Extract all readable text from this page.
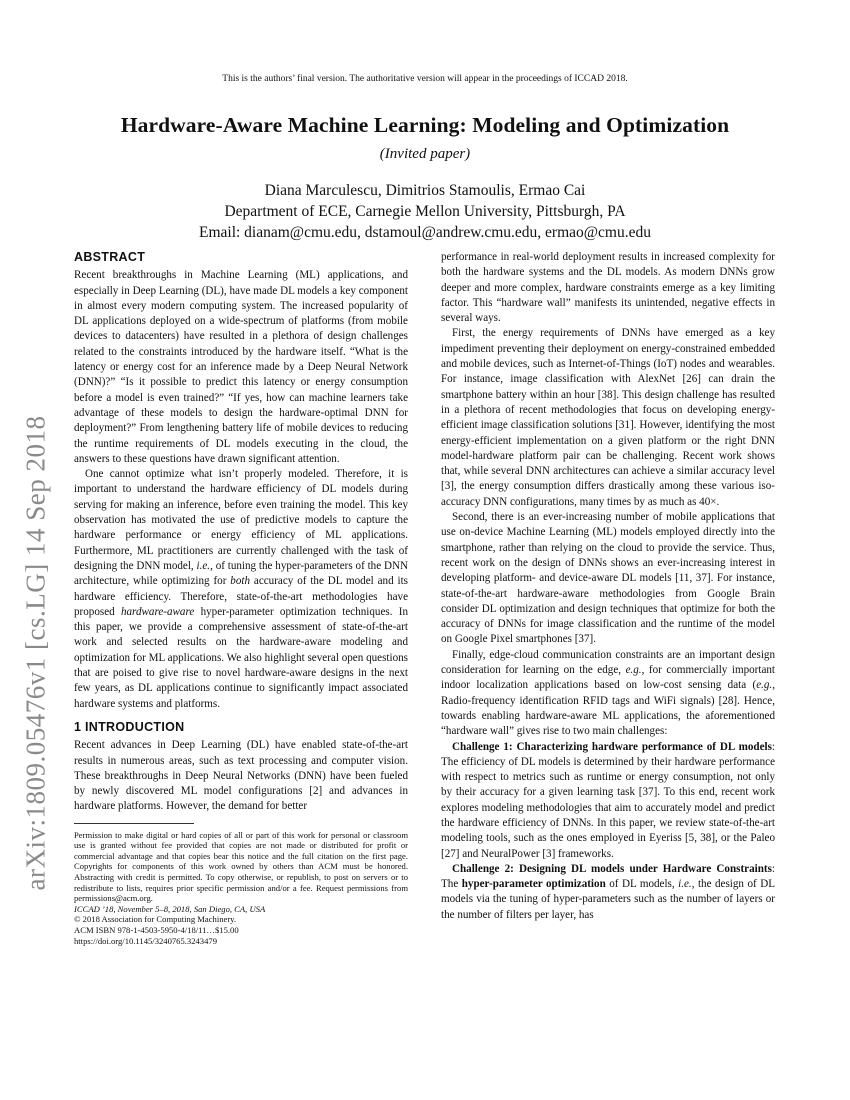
This is the authors’ final version. The authoritative version will appear in the proceedings of ICCAD 2018.
Hardware-Aware Machine Learning: Modeling and Optimization
(Invited paper)
Diana Marculescu, Dimitrios Stamoulis, Ermao Cai
Department of ECE, Carnegie Mellon University, Pittsburgh, PA
Email: dianam@cmu.edu, dstamoul@andrew.cmu.edu, ermao@cmu.edu
arXiv:1809.05476v1 [cs.LG] 14 Sep 2018
ABSTRACT

Recent breakthroughs in Machine Learning (ML) applications, and especially in Deep Learning (DL), have made DL models a key component in almost every modern computing system. The increased popularity of DL applications deployed on a wide-spectrum of platforms (from mobile devices to datacenters) have resulted in a plethora of design challenges related to the constraints introduced by the hardware itself. “What is the latency or energy cost for an inference made by a Deep Neural Network (DNN)?” “Is it possible to predict this latency or energy consumption before a model is even trained?” “If yes, how can machine learners take advantage of these models to design the hardware-optimal DNN for deployment?” From lengthening battery life of mobile devices to reducing the runtime requirements of DL models executing in the cloud, the answers to these questions have drawn significant attention.

One cannot optimize what isn’t properly modeled. Therefore, it is important to understand the hardware efficiency of DL models during serving for making an inference, before even training the model. This key observation has motivated the use of predictive models to capture the hardware performance or energy efficiency of ML applications. Furthermore, ML practitioners are currently challenged with the task of designing the DNN model, i.e., of tuning the hyper-parameters of the DNN architecture, while optimizing for both accuracy of the DL model and its hardware efficiency. Therefore, state-of-the-art methodologies have proposed hardware-aware hyper-parameter optimization techniques. In this paper, we provide a comprehensive assessment of state-of-the-art work and selected results on the hardware-aware modeling and optimization for ML applications. We also highlight several open questions that are poised to give rise to novel hardware-aware designs in the next few years, as DL applications continue to significantly impact associated hardware systems and platforms.

1 INTRODUCTION

Recent advances in Deep Learning (DL) have enabled state-of-the-art results in numerous areas, such as text processing and computer vision. These breakthroughs in Deep Neural Networks (DNN) have been fueled by newly discovered ML model configurations [2] and advances in hardware platforms. However, the demand for better

Permission to make digital or hard copies of all or part of this work for personal or classroom use is granted without fee provided that copies are not made or distributed for profit or commercial advantage and that copies bear this notice and the full citation on the first page. Copyrights for components of this work owned by others than ACM must be honored. Abstracting with credit is permitted. To copy otherwise, or republish, to post on servers or to redistribute to lists, requires prior specific permission and/or a fee. Request permissions from permissions@acm.org.
ICCAD ’18, November 5–8, 2018, San Diego, CA, USA
© 2018 Association for Computing Machinery.
ACM ISBN 978-1-4503-5950-4/18/11…$15.00
https://doi.org/10.1145/3240765.3243479

performance in real-world deployment results in increased complexity for both the hardware systems and the DL models. As modern DNNs grow deeper and more complex, hardware constraints emerge as a key limiting factor. This “hardware wall” manifests its unintended, negative effects in several ways.

First, the energy requirements of DNNs have emerged as a key impediment preventing their deployment on energy-constrained embedded and mobile devices, such as Internet-of-Things (IoT) nodes and wearables. For instance, image classification with AlexNet [26] can drain the smartphone battery within an hour [38]. This design challenge has resulted in a plethora of recent methodologies that focus on developing energy-efficient image classification solutions [31]. However, identifying the most energy-efficient implementation on a given platform or the right DNN model-hardware platform pair can be challenging. Recent work shows that, while several DNN architectures can achieve a similar accuracy level [3], the energy consumption differs drastically among these various iso-accuracy DNN configurations, many times by as much as 40×.

Second, there is an ever-increasing number of mobile applications that use on-device Machine Learning (ML) models employed directly into the smartphone, rather than relying on the cloud to provide the service. Thus, recent work on the design of DNNs shows an ever-increasing interest in developing platform- and device-aware DL models [11, 37]. For instance, state-of-the-art hardware-aware methodologies from Google Brain consider DL optimization and design techniques that optimize for both the accuracy of DNNs for image classification and the runtime of the model on Google Pixel smartphones [37].

Finally, edge-cloud communication constraints are an important design consideration for learning on the edge, e.g., for commercially important indoor localization applications based on low-cost sensing data (e.g., Radio-frequency identification RFID tags and WiFi signals) [28]. Hence, towards enabling hardware-aware ML applications, the aforementioned “hardware wall” gives rise to two main challenges:

Challenge 1: Characterizing hardware performance of DL models: The efficiency of DL models is determined by their hardware performance with respect to metrics such as runtime or energy consumption, not only by their accuracy for a given learning task [37]. To this end, recent work explores modeling methodologies that aim to accurately model and predict the hardware efficiency of DNNs. In this paper, we review state-of-the-art modeling tools, such as the ones employed in Eyeriss [5, 38], or the Paleo [27] and NeuralPower [3] frameworks.

Challenge 2: Designing DL models under Hardware Constraints: The hyper-parameter optimization of DL models, i.e., the design of DL models via the tuning of hyper-parameters such as the number of layers or the number of filters per layer, has
